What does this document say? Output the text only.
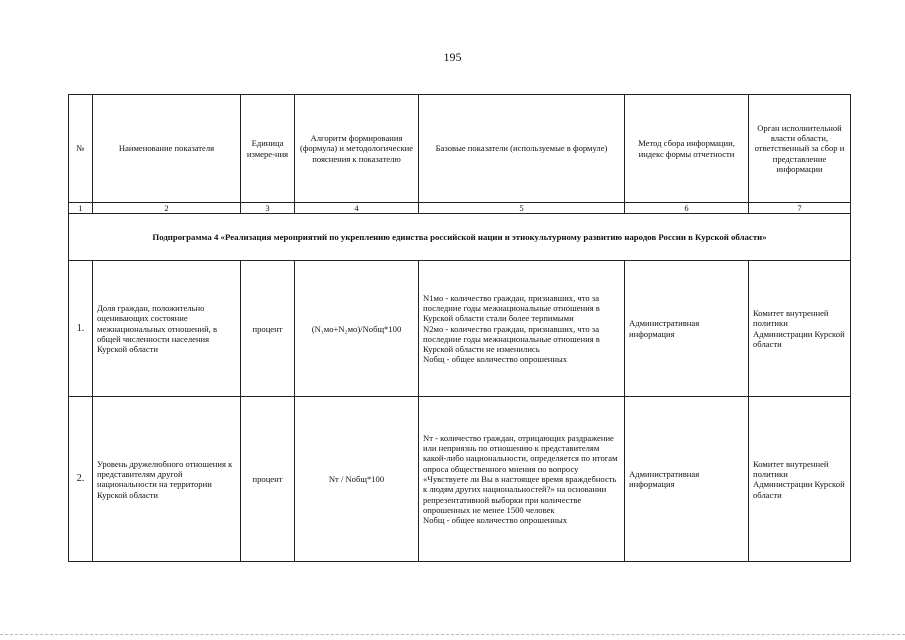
195
№	Наименование показателя	Единица измере-ния	Алгоритм формирования (формула) и методологические пояснения к показателю	Базовые показатели (используемые в формуле)	Метод сбора информации, индекс формы отчетности	Орган исполнительной власти области, ответственный за сбор и представление информации
1	2	3	4	5	6	7
Подпрограмма 4 «Реализация мероприятий по укреплению единства российской нации и этнокультурному развитию народов России в Курской области»						
1.	Доля граждан, положительно оценивающих состояние межнациональных отношений, в общей численности населения Курской области	процент	(N₁мо+N₂мо)/Nобщ*100	N1мо - количество граждан, признавших, что за последние годы межнациональные отношения в Курской области стали более терпимыми
N2мо - количество граждан, признавших, что за последние годы межнациональные отношения в Курской области не изменились
Nобщ - общее количество опрошенных	Административная информация	Комитет внутренней политики Администрации Курской области
2.	Уровень дружелюбного отношения к представителям другой национальности на территории Курской области	процент	Nт / Nобщ*100	Nт - количество граждан, отрицающих раздражение или неприязнь по отношению к представителям какой-либо национальности, определяется по итогам опроса общественного мнения по вопросу «Чувствуете ли Вы в настоящее время враждебность к людям других национальностей?» на основании репрезентативной выборки при количестве опрошенных не менее 1500 человек
Nобщ - общее количество опрошенных	Административная информация	Комитет внутренней политики Администрации Курской области
